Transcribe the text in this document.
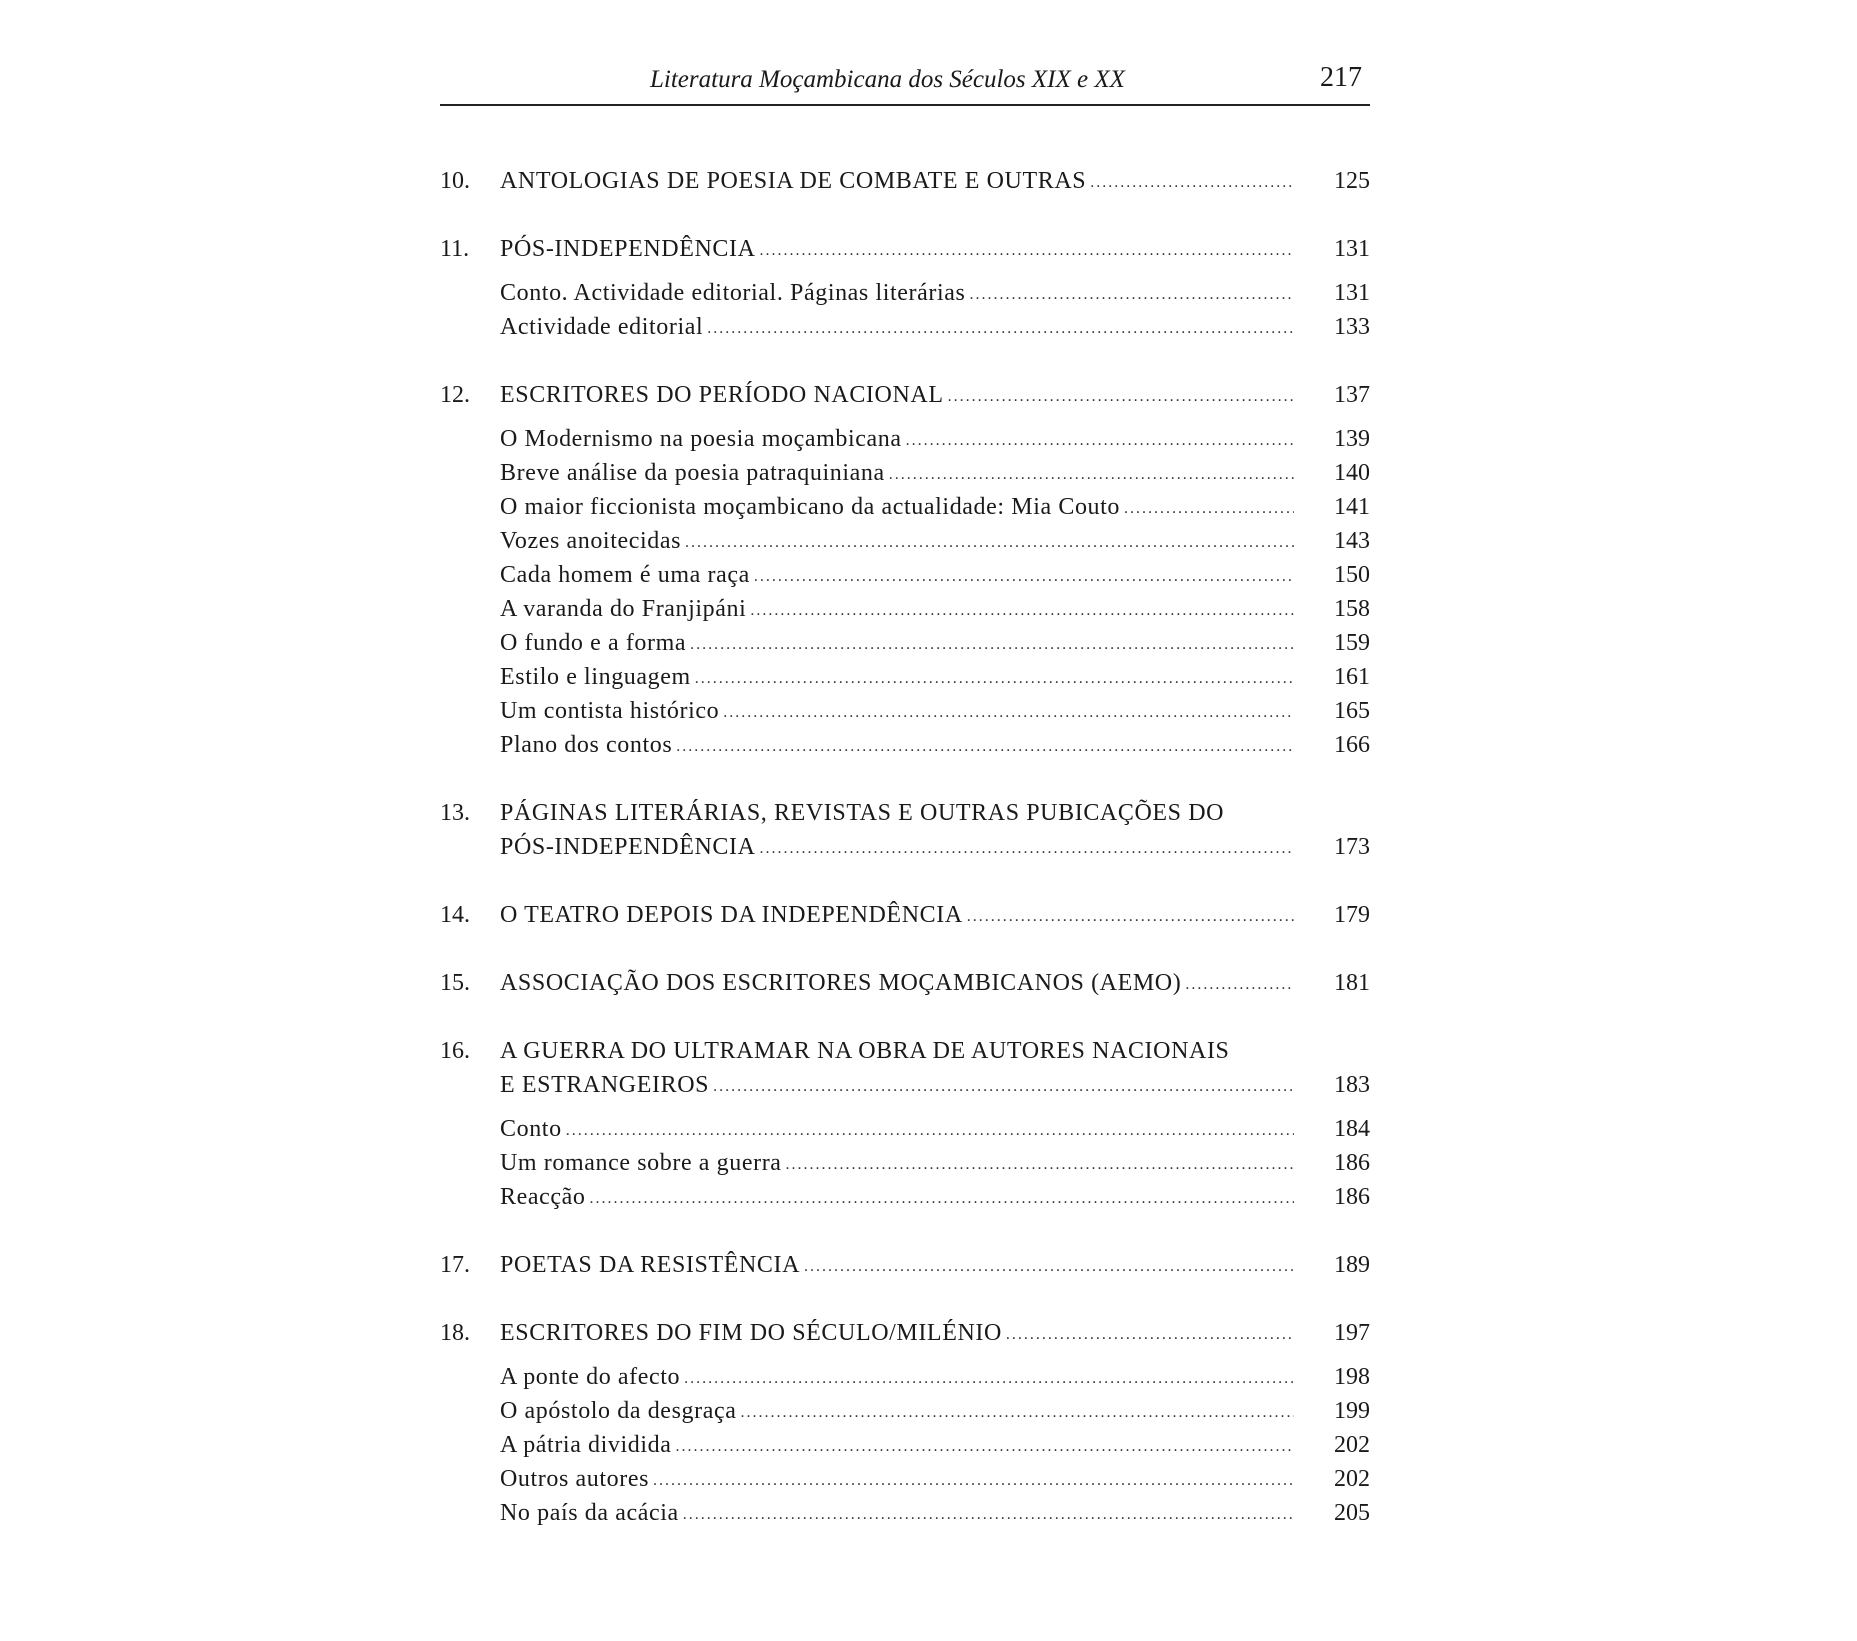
Literatura Moçambicana dos Séculos XIX e XX	217
10.	ANTOLOGIAS DE POESIA DE COMBATE E OUTRAS .....	125
11.	PÓS-INDEPENDÊNCIA .....	131
Conto. Actividade editorial. Páginas literárias .....	131
Actividade editorial .....	133
12.	ESCRITORES DO PERÍODO NACIONAL .....	137
O Modernismo na poesia moçambicana .....	139
Breve análise da poesia patraquiniana .....	140
O maior ficcionista moçambicano da actualidade: Mia Couto .....	141
Vozes anoitecidas .....	143
Cada homem é uma raça .....	150
A varanda do Franjipáni .....	158
O fundo e a forma .....	159
Estilo e linguagem .....	161
Um contista histórico .....	165
Plano dos contos .....	166
13.	PÁGINAS LITERÁRIAS, REVISTAS E OUTRAS PUBICAÇÕES DO
PÓS-INDEPENDÊNCIA .....	173
14.	O TEATRO DEPOIS DA INDEPENDÊNCIA .....	179
15.	ASSOCIAÇÃO DOS ESCRITORES MOÇAMBICANOS (AEMO) .....	181
16.	A GUERRA DO ULTRAMAR NA OBRA DE AUTORES NACIONAIS
E ESTRANGEIROS .....	183
Conto .....	184
Um romance sobre a guerra .....	186
Reacção .....	186
17.	POETAS DA RESISTÊNCIA .....	189
18.	ESCRITORES DO FIM DO SÉCULO/MILÉNIO .....	197
A ponte do afecto .....	198
O apóstolo da desgraça .....	199
A pátria dividida .....	202
Outros autores .....	202
No país da acácia .....	205
